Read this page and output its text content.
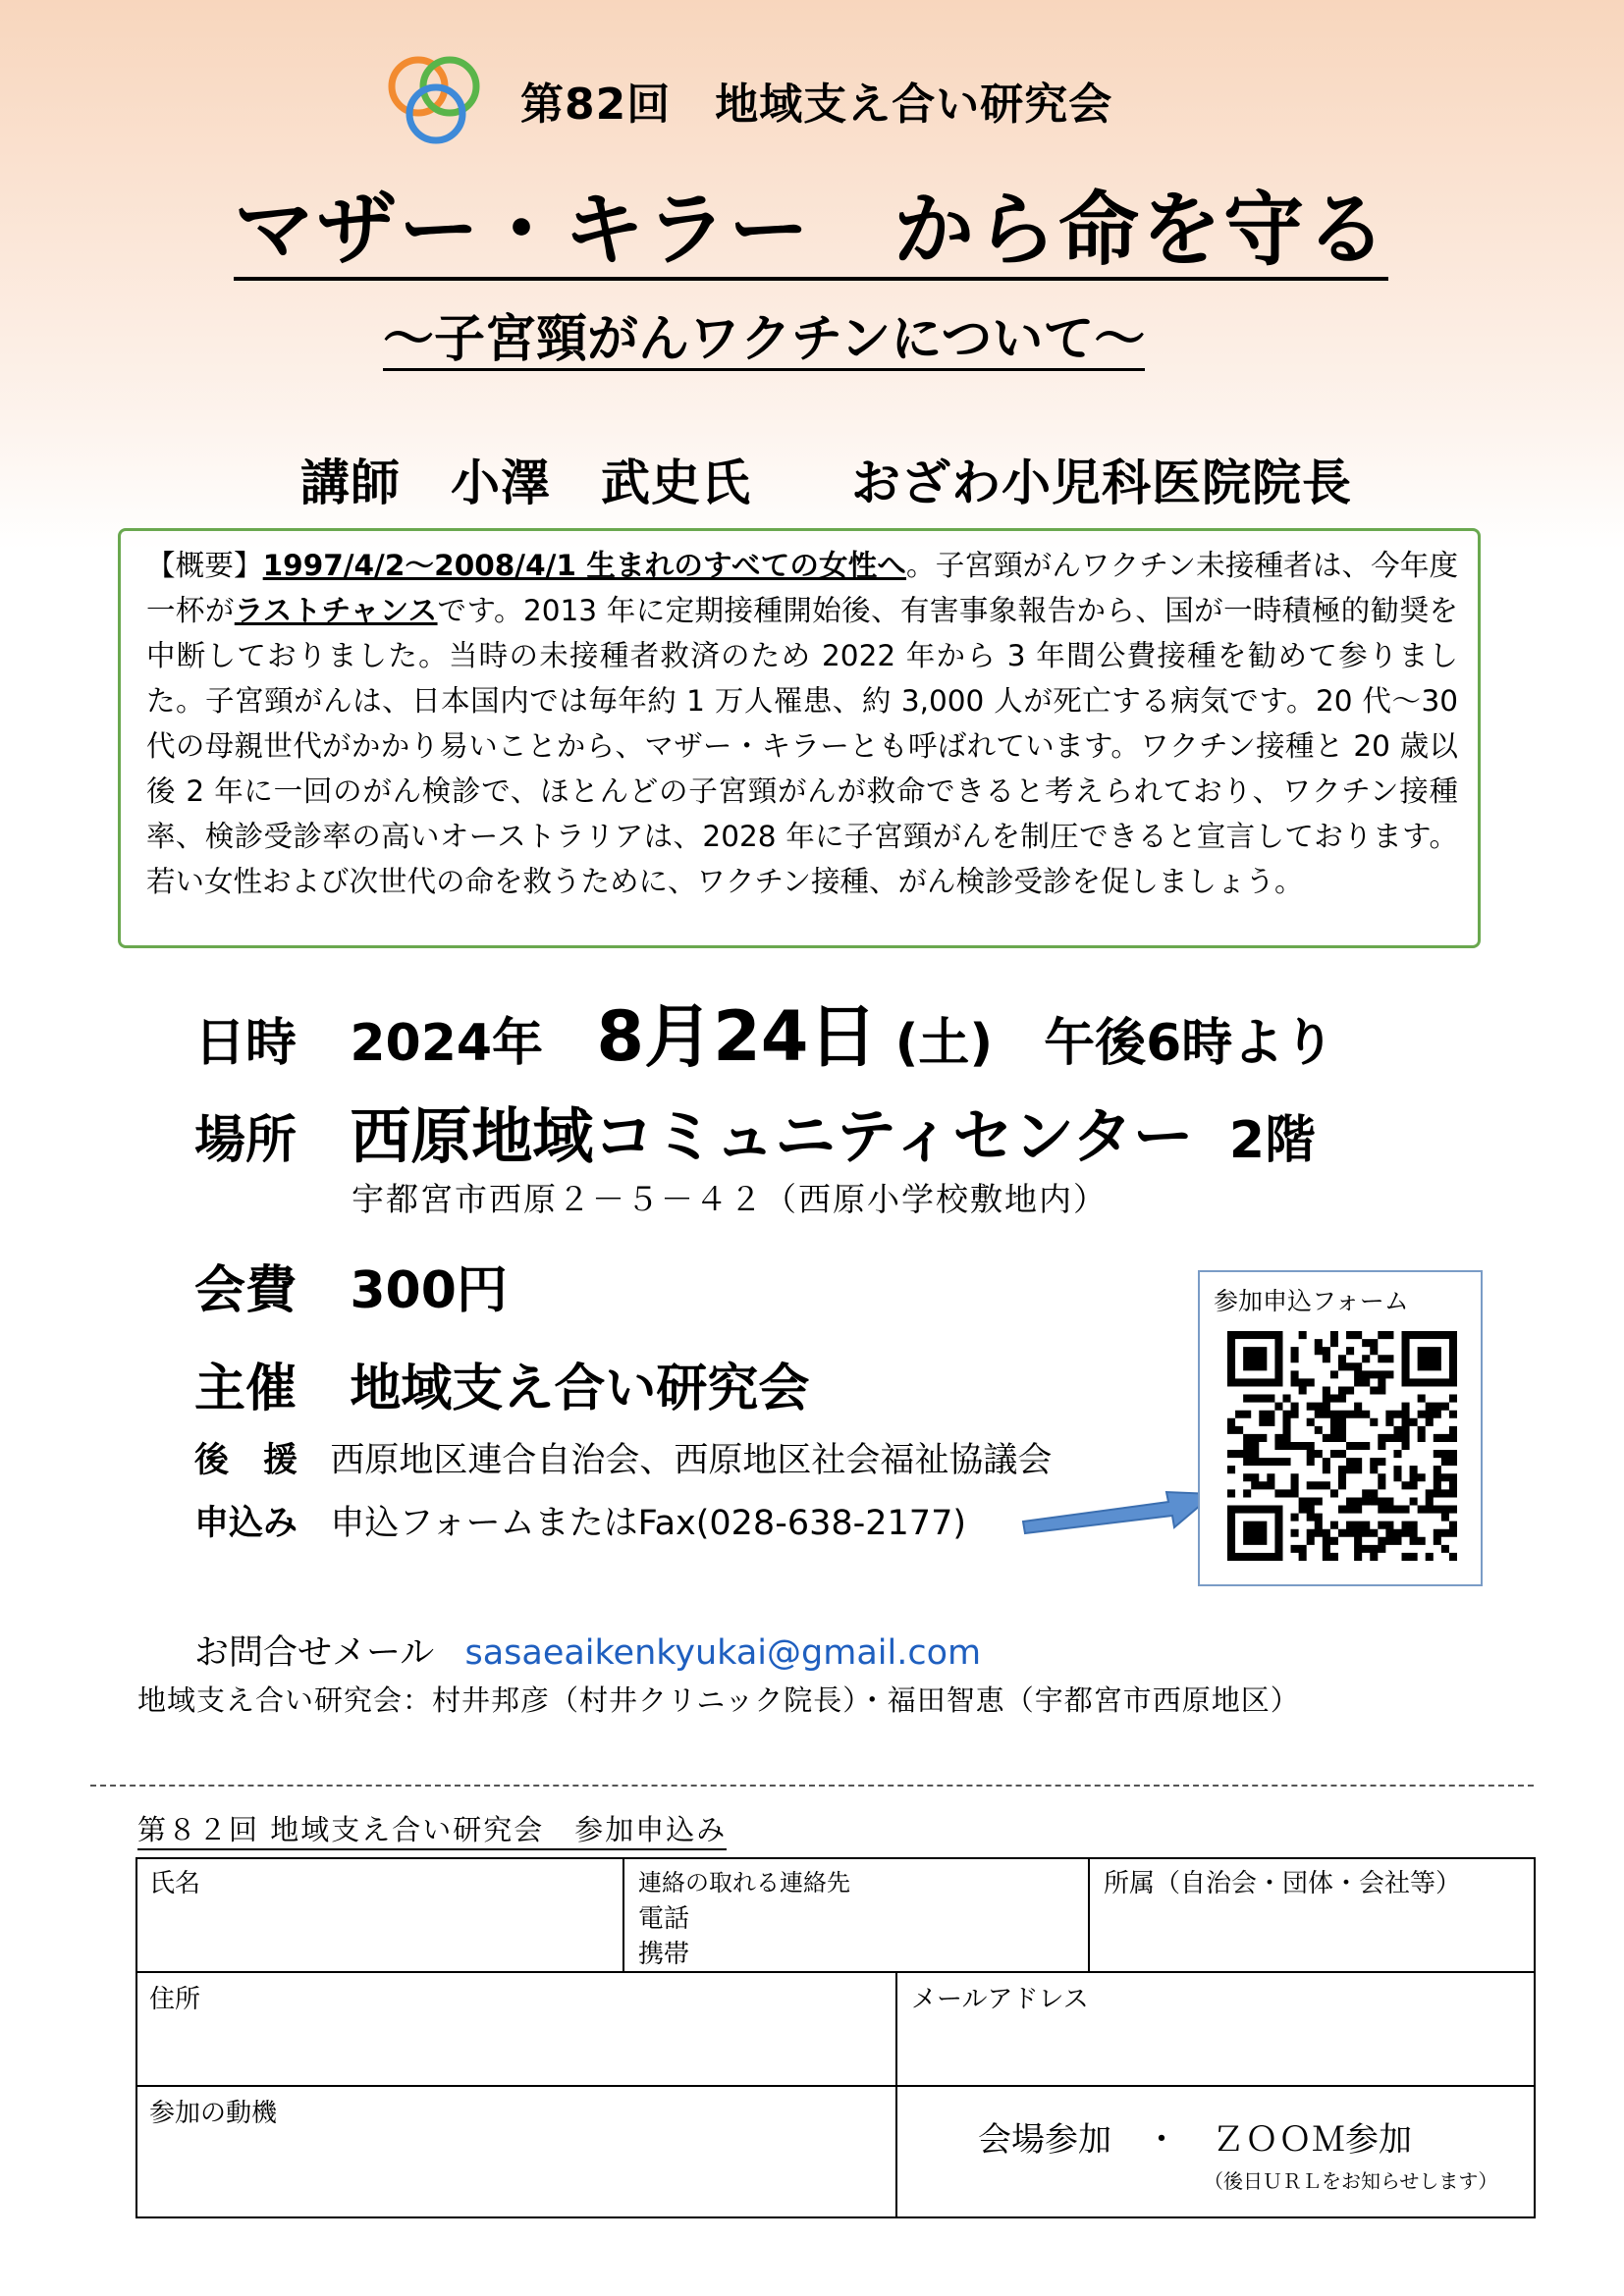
第82回　地域支え合い研究会
マザー・キラー　から命を守る
～子宮頸がんワクチンについて～
講師　小澤　武史氏　　おざわ小児科医院院長
【概要】1997/4/2～2008/4/1 生まれのすべての女性へ。子宮頸がんワクチン未接種者は、今年度一杯がラストチャンスです。2013 年に定期接種開始後、有害事象報告から、国が一時積極的勧奨を中断しておりました。当時の未接種者救済のため 2022 年から 3 年間公費接種を勧めて参りました。子宮頸がんは、日本国内では毎年約 1 万人罹患、約 3,000 人が死亡する病気です。20 代～30 代の母親世代がかかり易いことから、マザー・キラーとも呼ばれています。ワクチン接種と 20 歳以後 2 年に一回のがん検診で、ほとんどの子宮頸がんが救命できると考えられており、ワクチン接種率、検診受診率の高いオーストラリアは、2028 年に子宮頸がんを制圧できると宣言しております。若い女性および次世代の命を救うために、ワクチン接種、がん検診受診を促しましょう。
日時 2024年 8月24日 (土)　午後6時より
場所 西原地域コミュニティセンター 2階
宇都宮市西原２－５－４２（西原小学校敷地内）
会費 300円
主催 地域支え合い研究会
後　援 西原地区連合自治会、西原地区社会福祉協議会
申込み 申込フォームまたはFax(028-638-2177)
参加申込フォーム
お問合せメール sasaeaikenkyukai@gmail.com
地域支え合い研究会：村井邦彦（村井クリニック院長）・福田智恵（宇都宮市西原地区）
第８２回 地域支え合い研究会　参加申込み
氏名	連絡の取れる連絡先
電話
携帯
所属（自治会・団体・会社等）
住所	メールアドレス
参加の動機
会場参加　・　ＺＯＯＭ参加
（後日ＵＲＬをお知らせします）
